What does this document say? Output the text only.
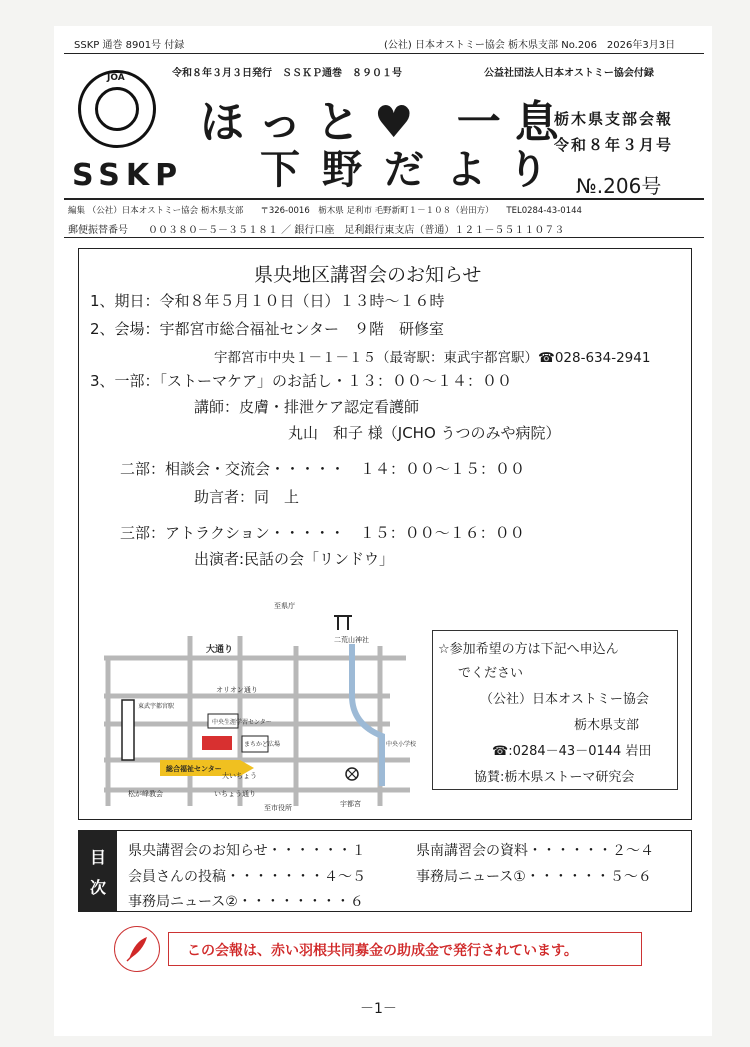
SSKP 通巻 8901号 付録	(公社) 日本オストミー協会 栃木県支部 No.206　2026年3月3日
JOA
SSKP
令和８年３月３日発行　ＳＳＫＰ通巻　８９０１号	公益社団法人日本オストミー協会付録
ほっと♥ 一息
下野だより
栃木県支部会報
令和８年３月号
№.206号
編集 （公社）日本オストミー協会 栃木県支部　　〒326-0016　栃木県 足利市 毛野新町１－１０８（岩田方）　　TEL0284-43-0144
郵便振替番号　　００３８０－５－３５１８１ ／ 銀行口座　足利銀行東支店（普通）１２１－５５１１０７３
県央地区講習会のお知らせ
1、期日：令和８年５月１０日（日）１３時～１６時
2、会場：宇都宮市総合福祉センター　９階　研修室
宇都宮市中央１－１－１５（最寄駅：東武宇都宮駅）☎028-634-2941
3、一部：「ストーマケア」のお話し・１３：００～１４：００
講師：皮膚・排泄ケア認定看護師
丸山　和子 様（JCHO うつのみや病院）
二部：相談会・交流会・・・・・　１４：００～１５：００
助言者：同　上
三部：アトラクション・・・・・　１５：００～１６：００
出演者:民話の会「リンドウ」
至県庁
大通り
二荒山神社
オリオン通り
東武宇都宮駅
中央生涯学習センター
まちかど広場
総合福祉センター
中央小学校
松が峰教会	いちょう通り
大いちょう
至市役所	宇都宮
☆参加希望の方は下記へ申込ん
でください
（公社）日本オストミー協会
栃木県支部
☎:0284－43－0144 岩田
協賛:栃木県ストーマ研究会
目
次
県央講習会のお知らせ・・・・・・１	県南講習会の資料・・・・・・２～４
会員さんの投稿・・・・・・・４～５	事務局ニュース①・・・・・・５～６
事務局ニュース②・・・・・・・・６
この会報は、赤い羽根共同募金の助成金で発行されています。
－1－
